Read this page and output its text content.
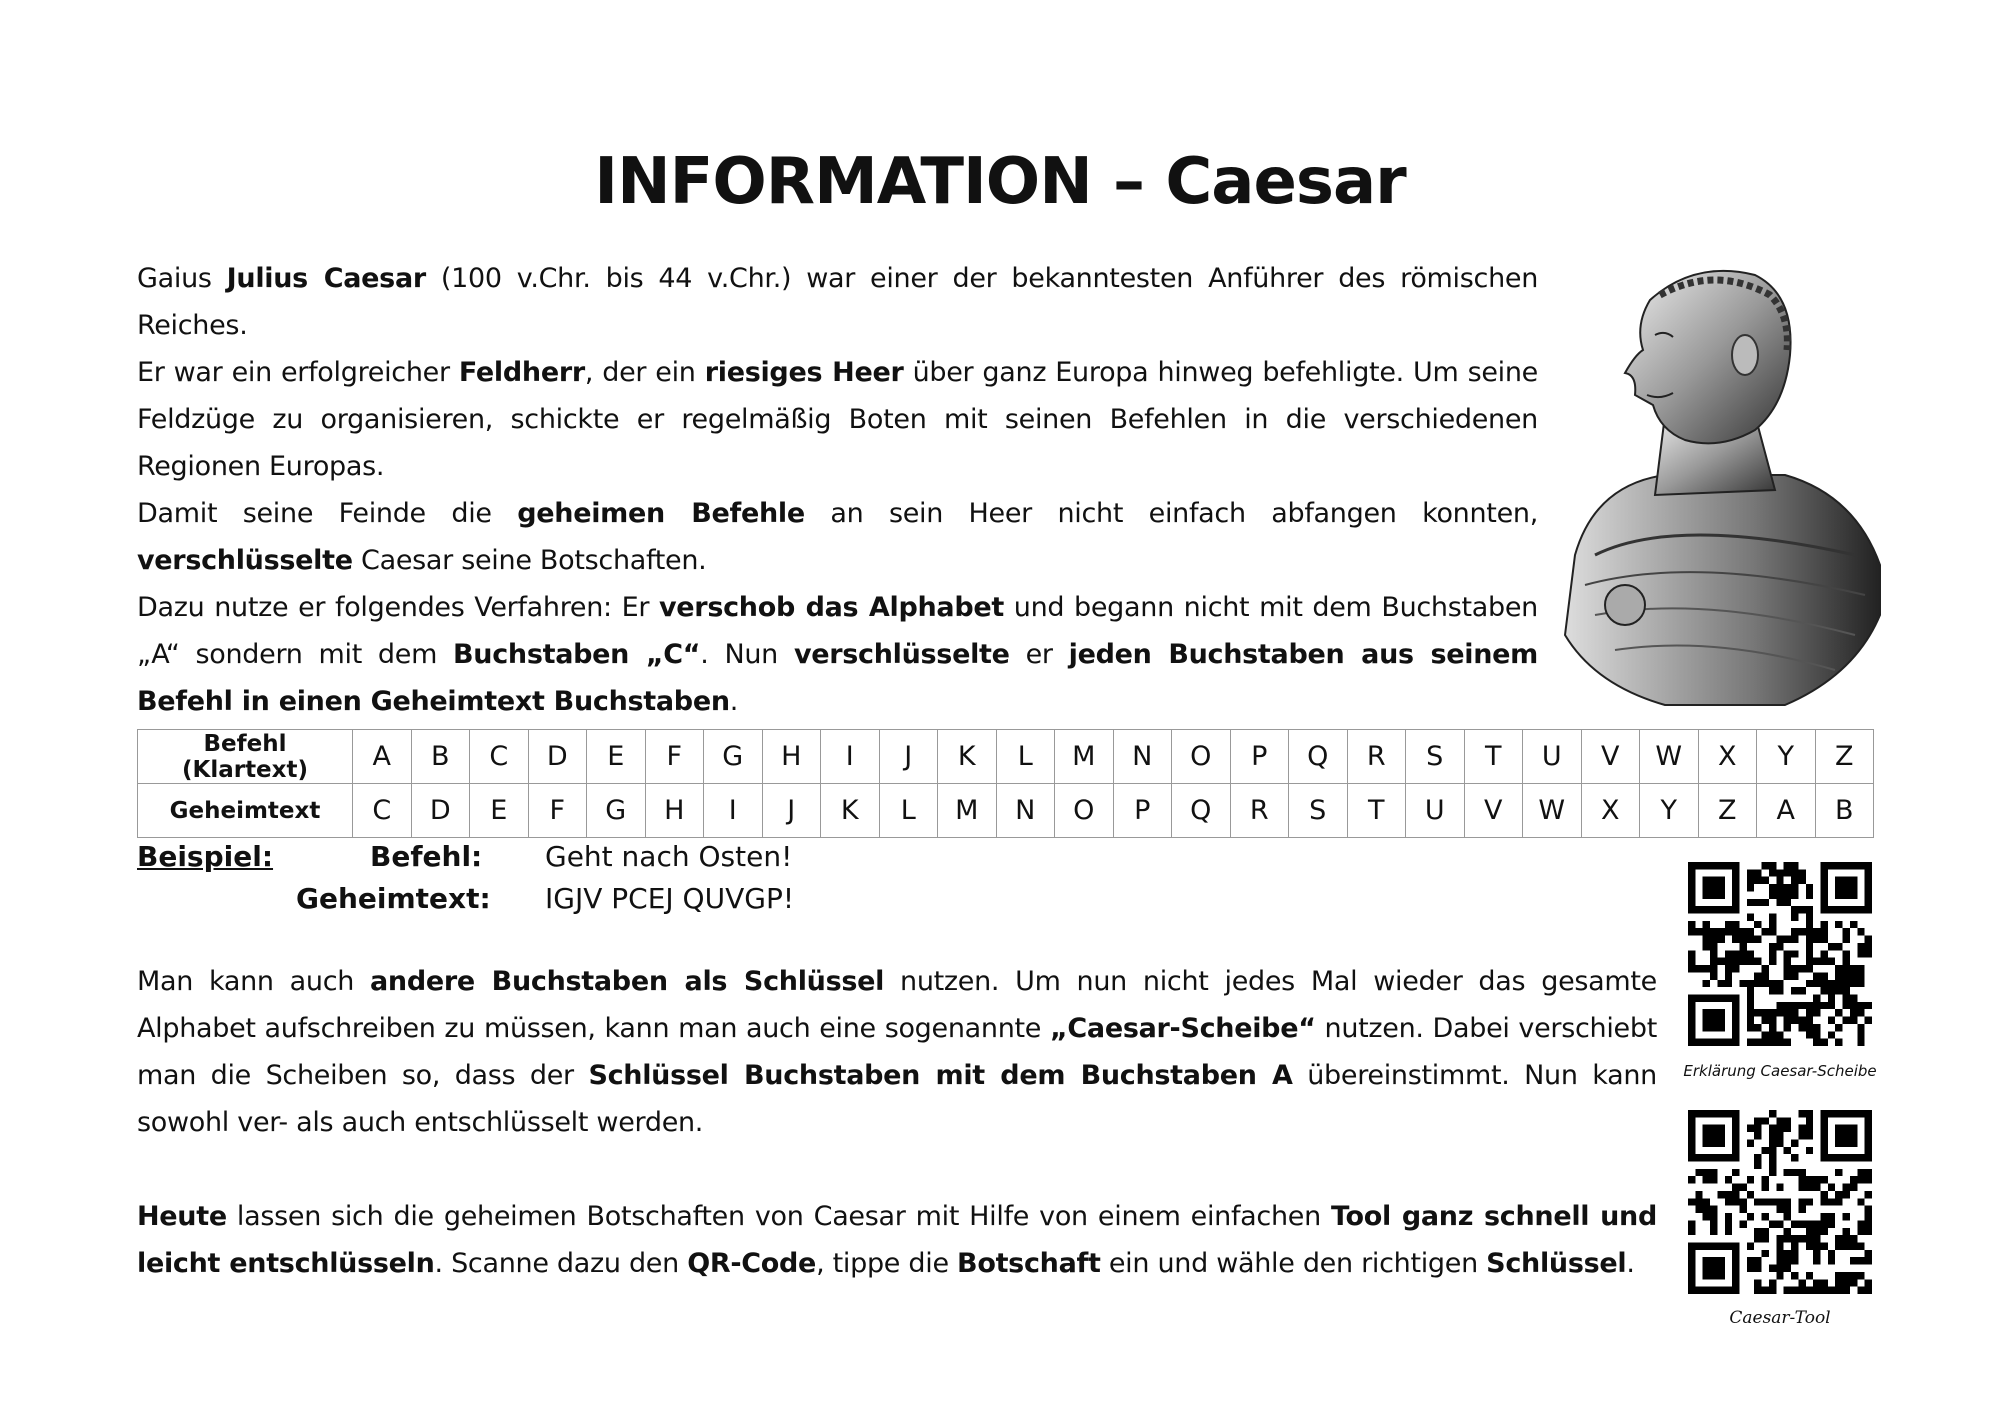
INFORMATION – Caesar
Gaius Julius Caesar (100 v.Chr. bis 44 v.Chr.) war einer der bekanntesten Anführer des römischen Reiches.
Er war ein erfolgreicher Feldherr, der ein riesiges Heer über ganz Europa hinweg befehligte. Um seine Feldzüge zu organisieren, schickte er regelmäßig Boten mit seinen Befehlen in die verschiedenen Regionen Europas.
Damit seine Feinde die geheimen Befehle an sein Heer nicht einfach abfangen konnten, verschlüsselte Caesar seine Botschaften.
Dazu nutze er folgendes Verfahren: Er verschob das Alphabet und begann nicht mit dem Buchstaben „A“ sondern mit dem Buchstaben „C“. Nun verschlüsselte er jeden Buchstaben aus seinem Befehl in einen Geheimtext Buchstaben.
Befehl (Klartext)	A	B	C	D	E	F	G	H	I	J	K	L	M	N	O	P	Q	R	S	T	U	V	W	X	Y	Z
Geheimtext	C	D	E	F	G	H	I	J	K	L	M	N	O	P	Q	R	S	T	U	V	W	X	Y	Z	A	B
Beispiel:	Befehl: Geht nach Osten!
Geheimtext: IGJV PCEJ QUVGP!
Man kann auch andere Buchstaben als Schlüssel nutzen. Um nun nicht jedes Mal wieder das gesamte Alphabet aufschreiben zu müssen, kann man auch eine sogenannte „Caesar-Scheibe“ nutzen. Dabei verschiebt man die Scheiben so, dass der Schlüssel Buchstaben mit dem Buchstaben A übereinstimmt. Nun kann sowohl ver- als auch entschlüsselt werden.
Heute lassen sich die geheimen Botschaften von Caesar mit Hilfe von einem einfachen Tool ganz schnell und leicht entschlüsseln. Scanne dazu den QR-Code, tippe die Botschaft ein und wähle den richtigen Schlüssel.
Erklärung Caesar-Scheibe
Caesar-Tool
